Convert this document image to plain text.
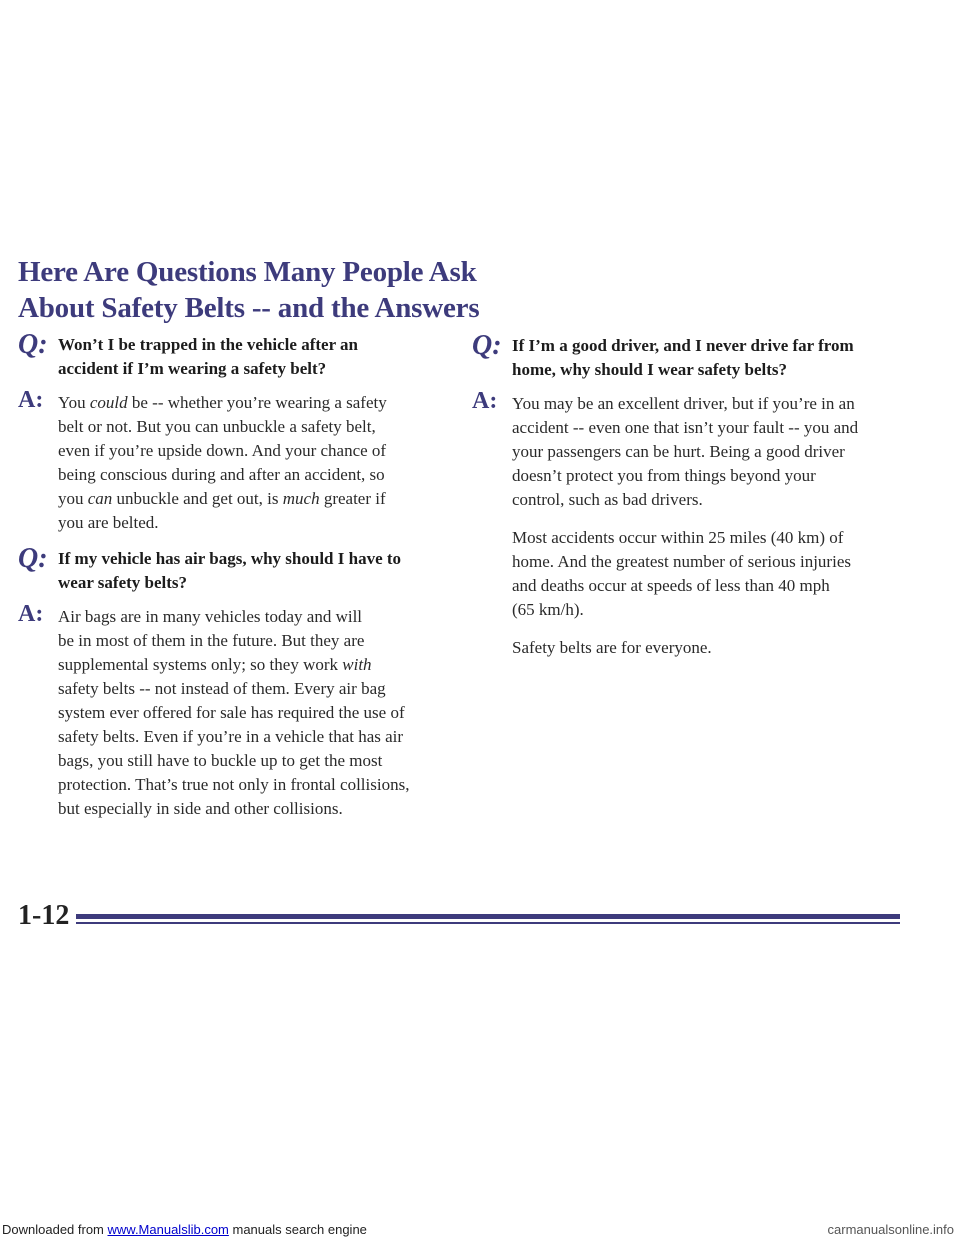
Here Are Questions Many People Ask
About Safety Belts -- and the Answers
Q: Won’t I be trapped in the vehicle after an
accident if I’m wearing a safety belt?
A: You could be -- whether you’re wearing a safety
belt or not. But you can unbuckle a safety belt,
even if you’re upside down. And your chance of
being conscious during and after an accident, so
you can unbuckle and get out, is much greater if
you are belted.
Q: If my vehicle has air bags, why should I have to
wear safety belts?
A: Air bags are in many vehicles today and will
be in most of them in the future. But they are
supplemental systems only; so they work with
safety belts -- not instead of them. Every air bag
system ever offered for sale has required the use of
safety belts. Even if you’re in a vehicle that has air
bags, you still have to buckle up to get the most
protection. That’s true not only in frontal collisions,
but especially in side and other collisions.
Q: If I’m a good driver, and I never drive far from
home, why should I wear safety belts?
A: You may be an excellent driver, but if you’re in an
accident -- even one that isn’t your fault -- you and
your passengers can be hurt. Being a good driver
doesn’t protect you from things beyond your
control, such as bad drivers.
Most accidents occur within 25 miles (40 km) of
home. And the greatest number of serious injuries
and deaths occur at speeds of less than 40 mph
(65 km/h).
Safety belts are for everyone.
1-12
Downloaded from www.Manualslib.com manuals search engine	carmanualsonline.info
